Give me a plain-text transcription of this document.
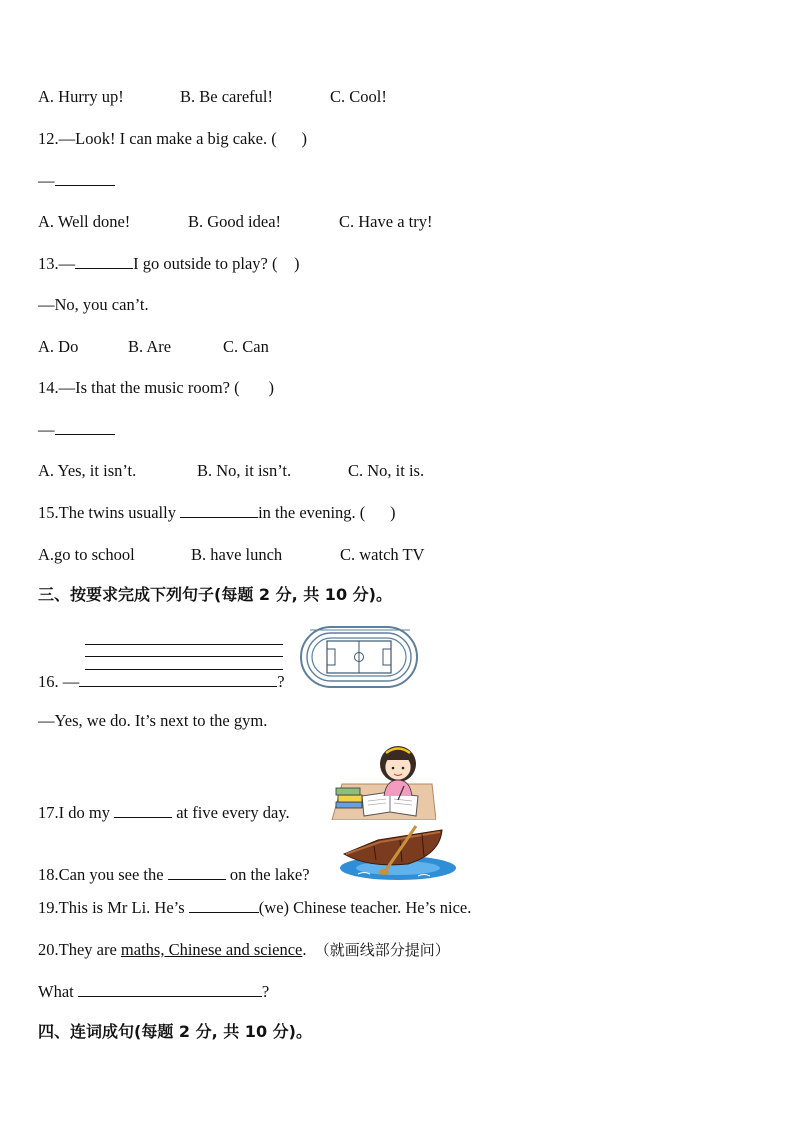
A. Hurry up!	B. Be careful!	C. Cool!
12.—Look! I can make a big cake. (      )
—
A. Well done!	B. Good idea!	C. Have a try!
13.—	I go outside to play? (    )
—No, you can’t.
A. Do	B. Are	C. Can
14.—Is that the music room? (       )
—
A. Yes, it isn’t.	B. No, it isn’t.	C. No, it is.
15.The twins usually	in the evening. (      )
A.go to school	B. have lunch	C. watch TV
三、按要求完成下列句子(每题 2 分, 共 10 分)。
16. —	?
—Yes, we do. It’s next to the gym.
17.I do my	at five every day.
18.Can you see the	on the lake?
19.This is Mr Li. He’s	(we) Chinese teacher. He’s nice.
20.They are maths, Chinese and science. （就画线部分提问）
What	?
四、连词成句(每题 2 分, 共 10 分)。
